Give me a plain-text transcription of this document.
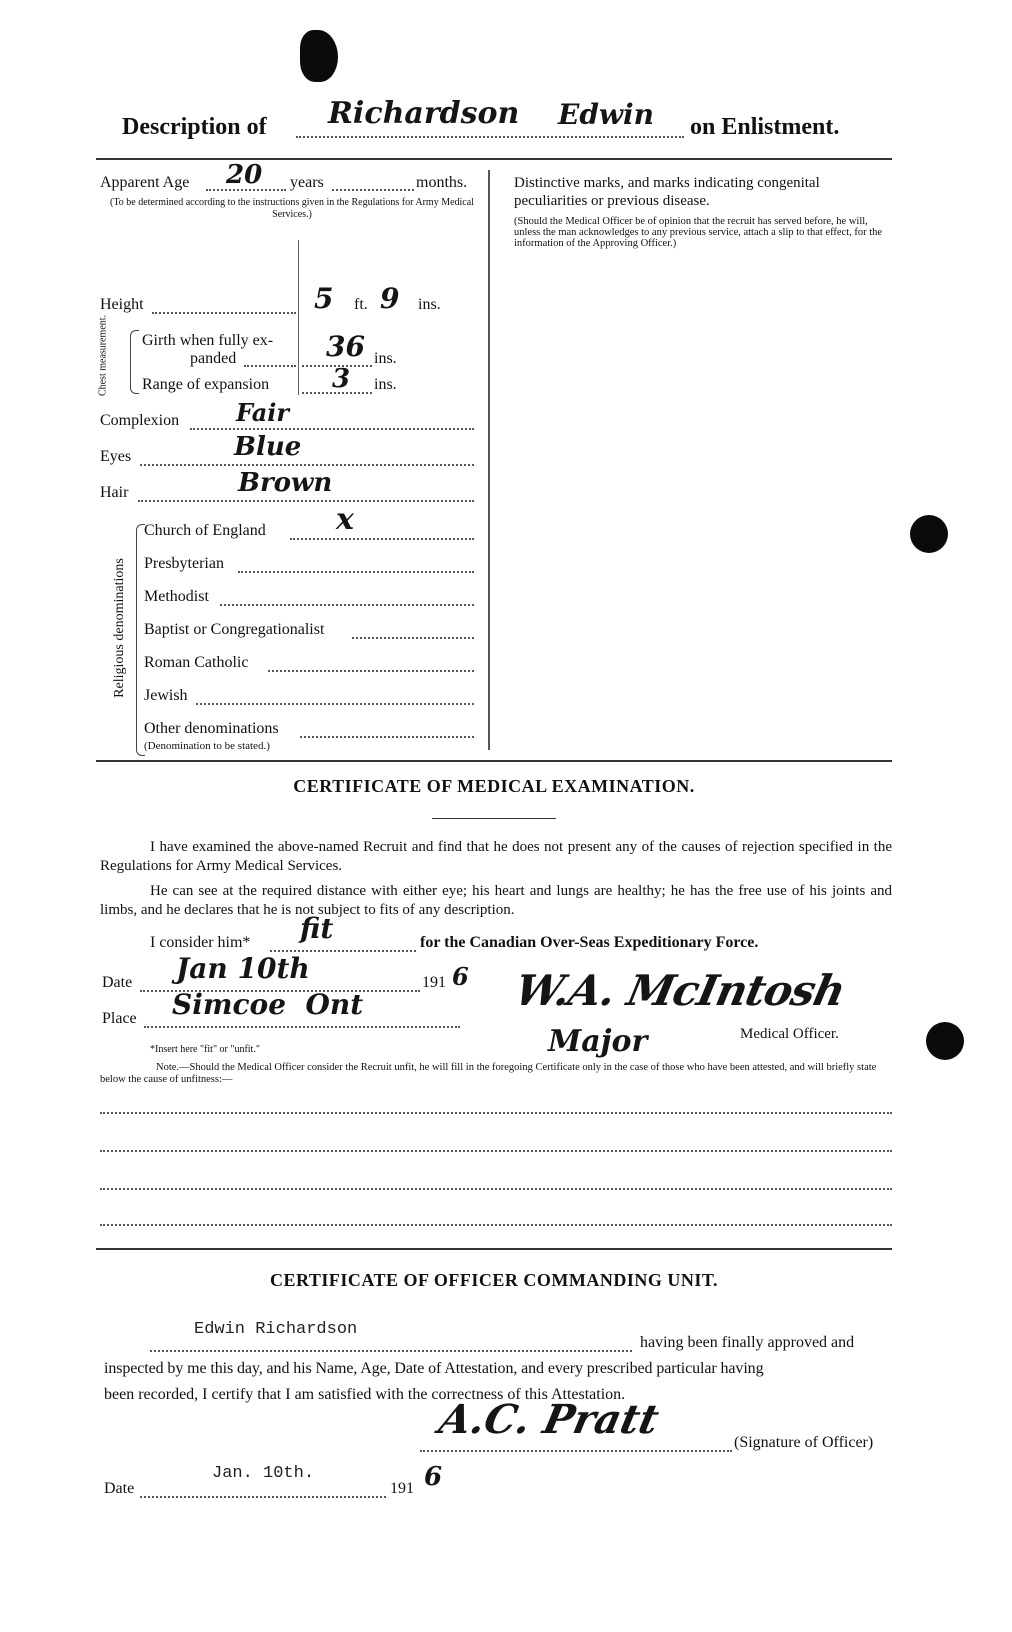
Description of Richardson Edwin on Enlistment.
Apparent Age 20 years	months.
(To be determined according to the instructions given in the Regulations for Army Medical Services.)
Height	5 ft. 9 ins.
Chest measurement. Girth when fully ex-
panded	36 ins.
Range of expansion 3 ins.
Complexion Fair
Eyes	Blue
Hair	Brown
Religious denominations
Church of England x
Presbyterian
Methodist
Baptist or Congregationalist
Roman Catholic
Jewish
Other denominations
(Denomination to be stated.)
Distinctive marks, and marks indicating congenital peculiarities or previous disease.
(Should the Medical Officer be of opinion that the recruit has served before, he will, unless the man acknowledges to any previous service, attach a slip to that effect, for the information of the Approving Officer.)
CERTIFICATE OF MEDICAL EXAMINATION.
I have examined the above-named Recruit and find that he does not present any of the causes of rejection specified in the Regulations for Army Medical Services.
He can see at the required distance with either eye; his heart and lungs are healthy; he has the free use of his joints and limbs, and he declares that he is not subject to fits of any description.
I consider him* fit	for the Canadian Over-Seas Expeditionary Force.
Date Jan 10th	191 6
Place Simcoe  Ont	W.A. McIntosh
Major	Medical Officer.
*Insert here "fit" or "unfit."
Note.—Should the Medical Officer consider the Recruit unfit, he will fill in the foregoing Certificate only in the case of those who have been attested, and will briefly state below the cause of unfitness:—
CERTIFICATE OF OFFICER COMMANDING UNIT.
Edwin Richardson
having been finally approved and
inspected by me this day, and his Name, Age, Date of Attestation, and every prescribed particular having
been recorded, I certify that I am satisfied with the correctness of this Attestation.
A.C. Pratt	(Signature of Officer)
Date
Jan. 10th.
191 6
